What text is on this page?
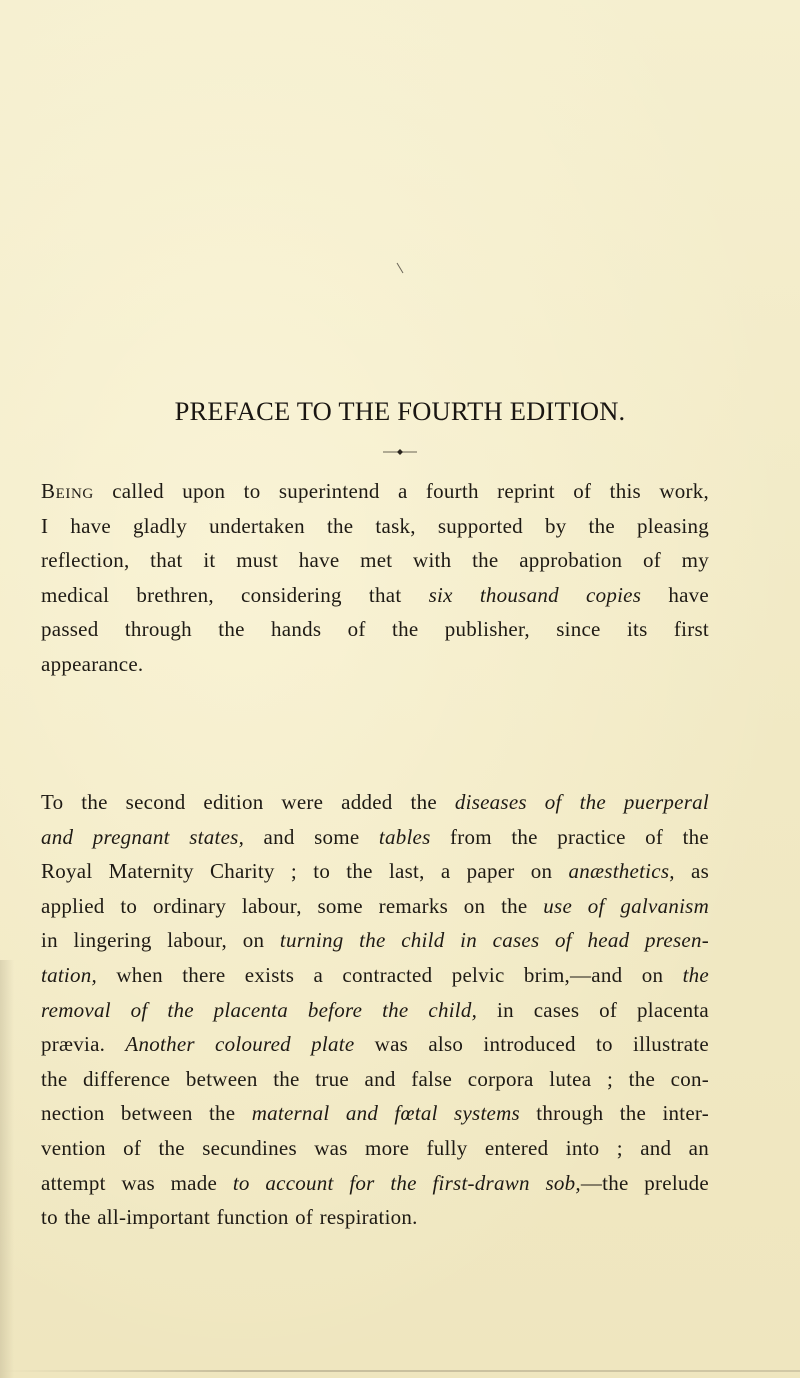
PREFACE TO THE FOURTH EDITION.
Being called upon to superintend a fourth reprint of this work,
I have gladly undertaken the task, supported by the pleasing
reflection, that it must have met with the approbation of my
medical brethren, considering that six thousand copies have
passed through the hands of the publisher, since its first
appearance.
To the second edition were added the diseases of the puerperal
and pregnant states, and some tables from the practice of the
Royal Maternity Charity ; to the last, a paper on anæsthetics, as
applied to ordinary labour, some remarks on the use of galvanism
in lingering labour, on turning the child in cases of head presen-
tation, when there exists a contracted pelvic brim,—and on the
removal of the placenta before the child, in cases of placenta
prævia. Another coloured plate was also introduced to illustrate
the difference between the true and false corpora lutea ; the con-
nection between the maternal and fœtal systems through the inter-
vention of the secundines was more fully entered into ; and an
attempt was made to account for the first-drawn sob,—the prelude
to the all-important function of respiration.
